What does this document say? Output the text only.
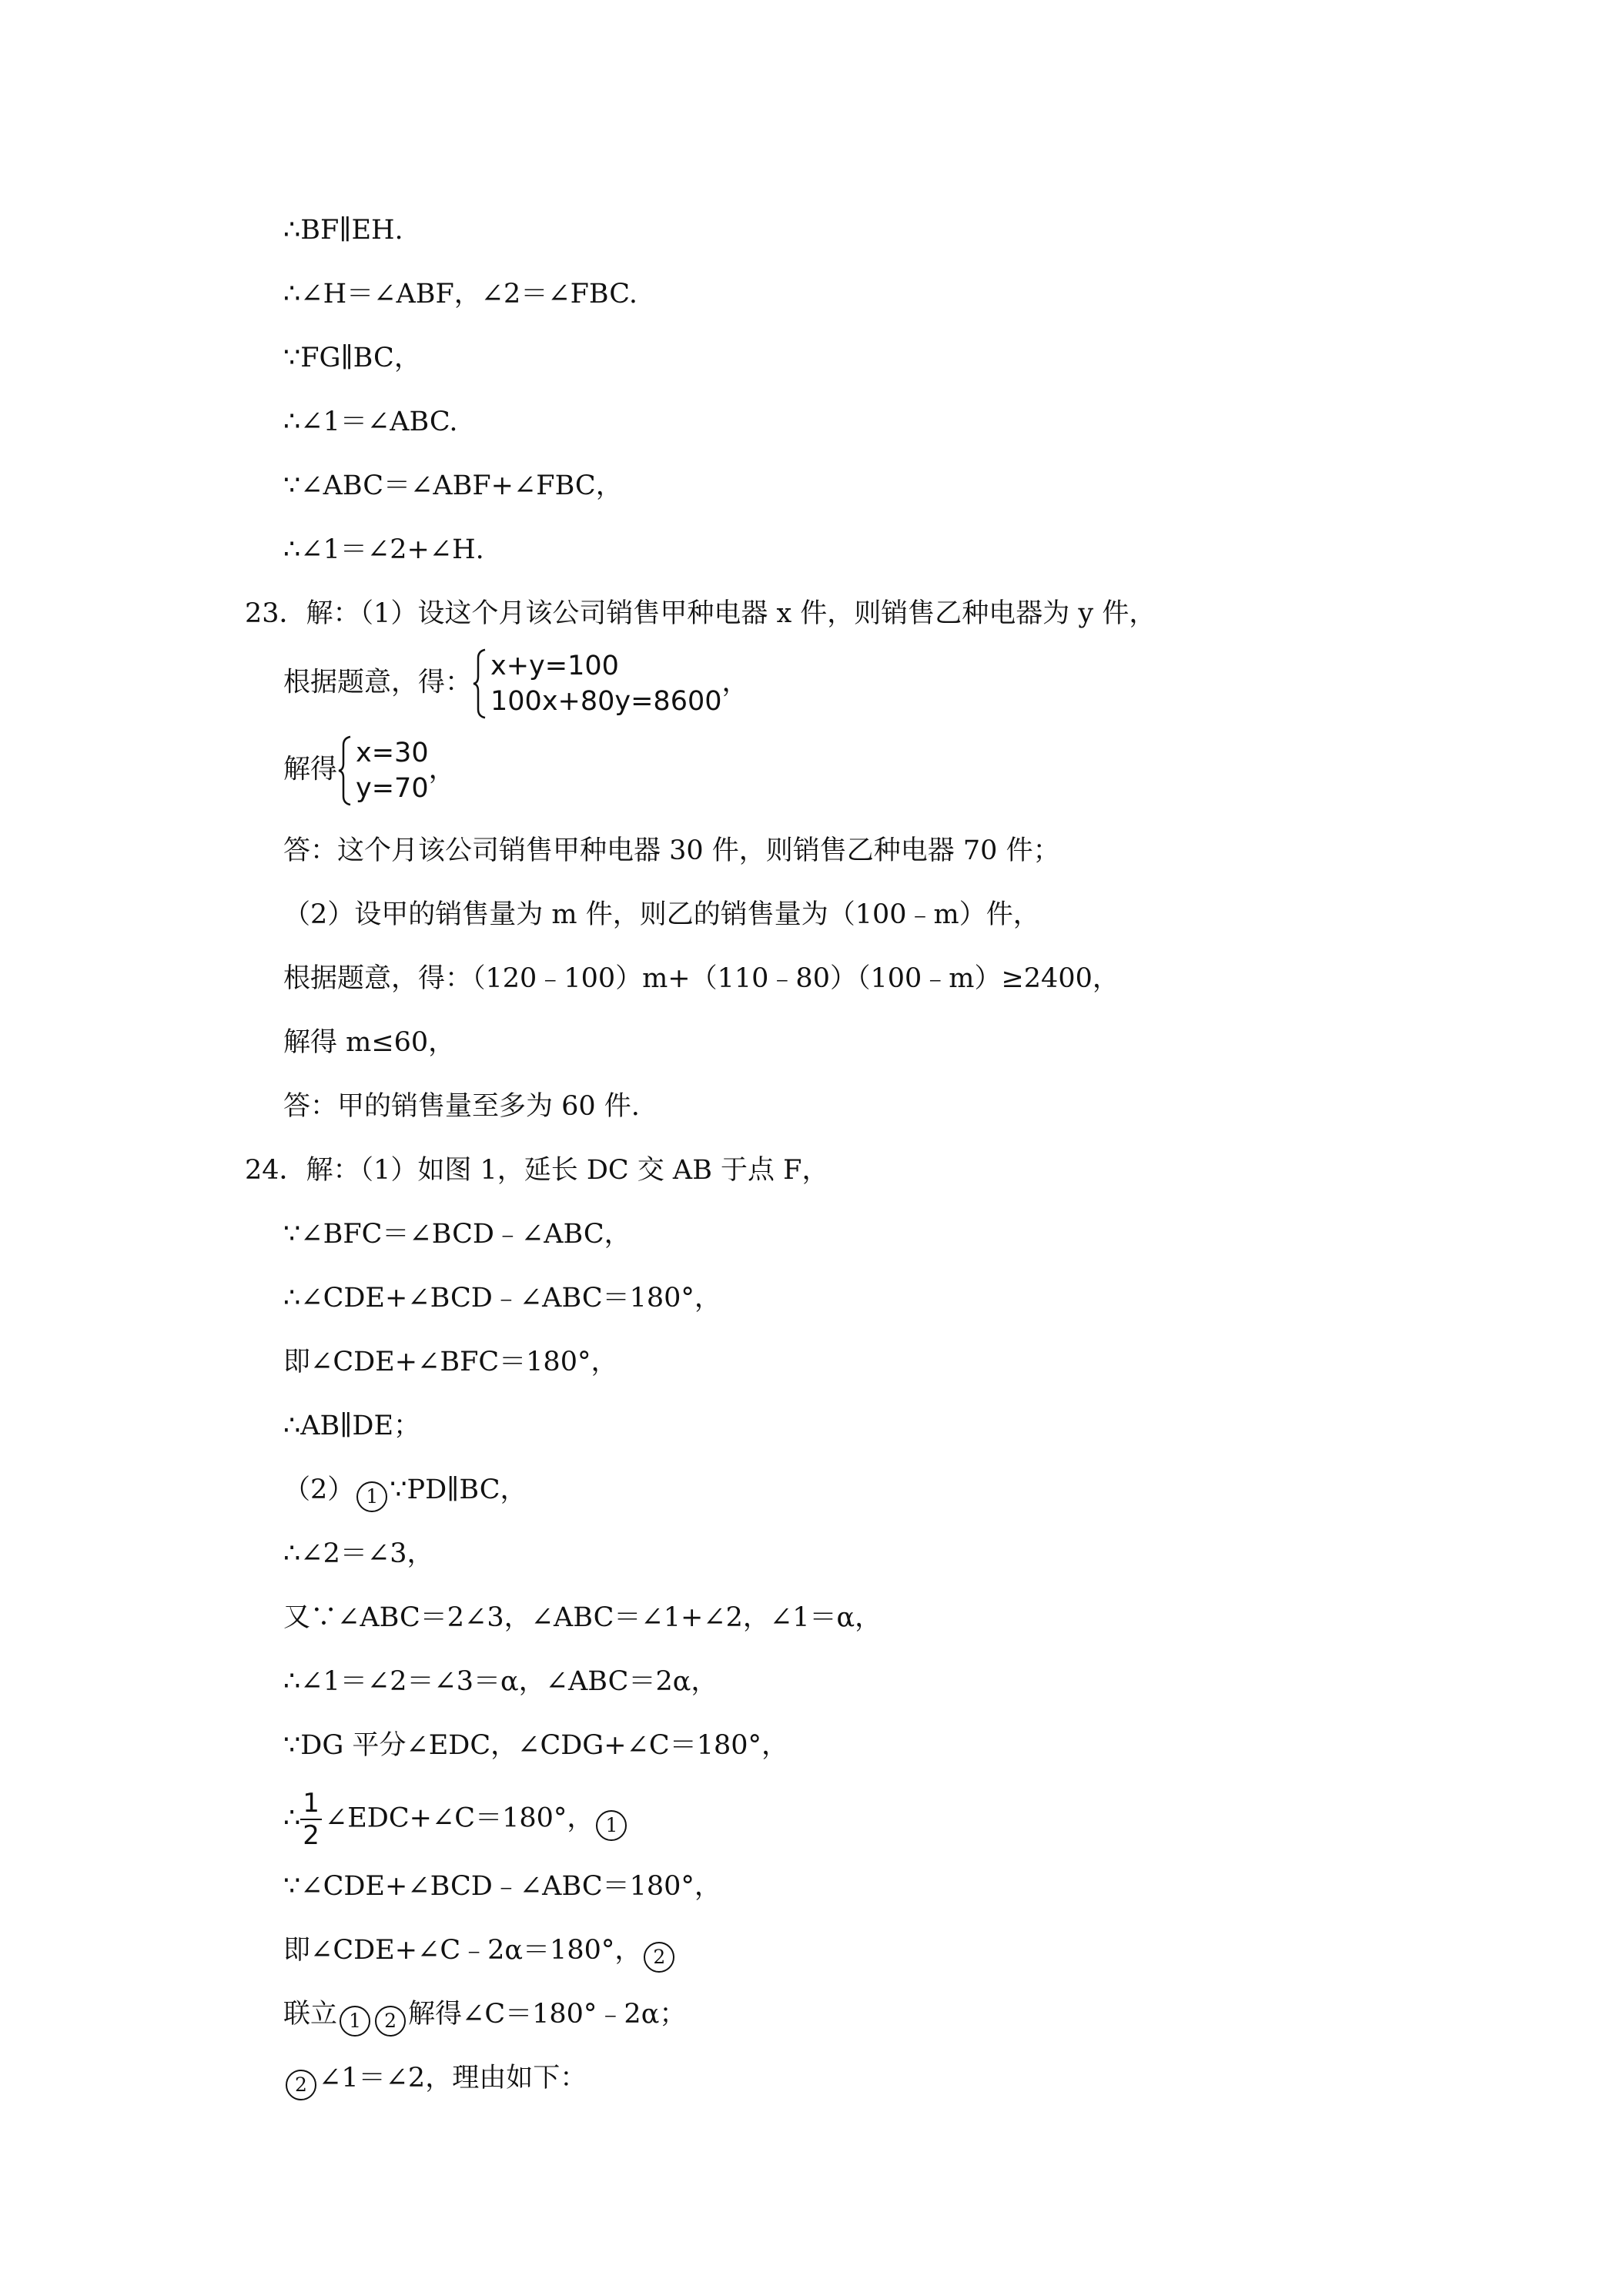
∴BF∥EH.
∴∠H＝∠ABF，∠2＝∠FBC.
∵FG∥BC，
∴∠1＝∠ABC.
∵∠ABC＝∠ABF+∠FBC，
∴∠1＝∠2+∠H.
23．解：（1）设这个月该公司销售甲种电器 x 件，则销售乙种电器为 y 件，
根据题意，得：
x+y=100
100x+80y=8600
，
解得
x=30
y=70
，
答：这个月该公司销售甲种电器 30 件，则销售乙种电器 70 件；
（2）设甲的销售量为 m 件，则乙的销售量为（100﹣m）件，
根据题意，得：（120﹣100）m+（110﹣80）（100﹣m）≥2400，
解得 m≤60，
答：甲的销售量至多为 60 件.
24．解：（1）如图 1，延长 DC 交 AB 于点 F，
∵∠BFC＝∠BCD﹣∠ABC，
∴∠CDE+∠BCD﹣∠ABC＝180°，
即∠CDE+∠BFC＝180°，
∴AB∥DE；
（2） 1 ∵PD∥BC，
∴∠2＝∠3，
又∵∠ABC＝2∠3，∠ABC＝∠1+∠2，∠1＝α，
∴∠1＝∠2＝∠3＝α，∠ABC＝2α，
∵DG 平分∠EDC，∠CDG+∠C＝180°，
∴ $\frac{1}{2}$ ∠EDC+∠C＝180°， 1
∵∠CDE+∠BCD﹣∠ABC＝180°，
即∠CDE+∠C﹣2α＝180°， 2
联立 1 2 解得∠C＝180°﹣2α；
2 ∠1＝∠2，理由如下：
